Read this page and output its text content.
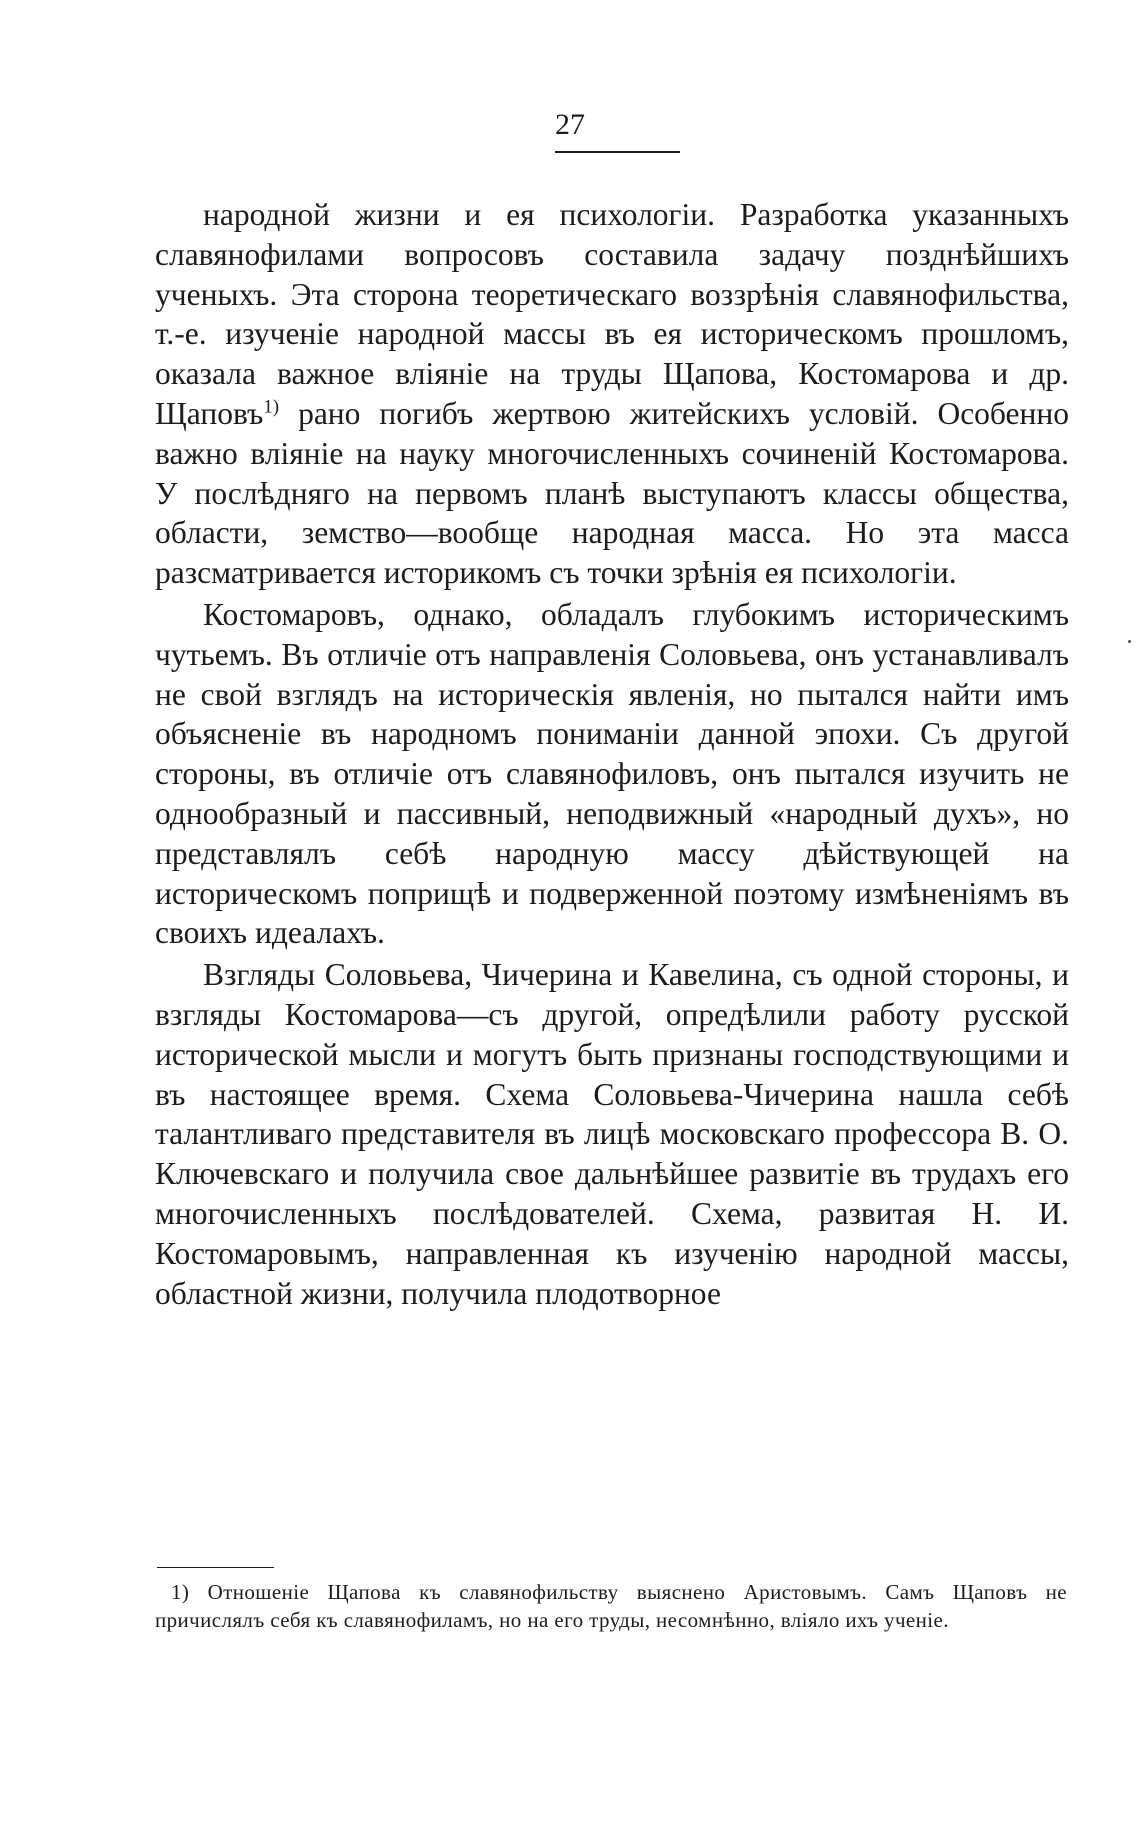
27

народной жизни и ея психологіи. Разработка указанныхъ славянофилами вопросовъ составила задачу позднѣйшихъ ученыхъ. Эта сторона теоретическаго воззрѣнія славянофильства, т.-е. изученіе народной массы въ ея историческомъ прошломъ, оказала важное вліяніе на труды Щапова, Костомарова и др. Щаповъ$^{1)}$ рано погибъ жертвою житейскихъ условій. Особенно важно вліяніе на науку многочисленныхъ сочиненій Костомарова. У послѣдняго на первомъ планѣ выступаютъ классы общества, области, земство—вообще народная масса. Но эта масса разсматривается историкомъ съ точки зрѣнія ея психологіи.

Костомаровъ, однако, обладалъ глубокимъ историческимъ чутьемъ. Въ отличіе отъ направленія Соловьева, онъ устанавливалъ не свой взглядъ на историческія явленія, но пытался найти имъ объясненіе въ народномъ пониманіи данной эпохи. Съ другой стороны, въ отличіе отъ славянофиловъ, онъ пытался изучить не однообразный и пассивный, неподвижный «народный духъ», но представлялъ себѣ народную массу дѣйствующей на историческомъ поприщѣ и подверженной поэтому измѣненіямъ въ своихъ идеалахъ.

Взгляды Соловьева, Чичерина и Кавелина, съ одной стороны, и взгляды Костомарова—съ другой, опредѣлили работу русской исторической мысли и могутъ быть признаны господствующими и въ настоящее время. Схема Соловьева-Чичерина нашла себѣ талантливаго представителя въ лицѣ московскаго профессора В. О. Ключевскаго и получила свое дальнѣйшее развитіе въ трудахъ его многочисленныхъ послѣдователей. Схема, развитая Н. И. Костомаровымъ, направленная къ изученію народной массы, областной жизни, получила плодотворное

1) Отношеніе Щапова къ славянофильству выяснено Аристовымъ. Самъ Щаповъ не причислялъ себя къ славянофиламъ, но на его труды, несомнѣнно, вліяло ихъ ученіе.
